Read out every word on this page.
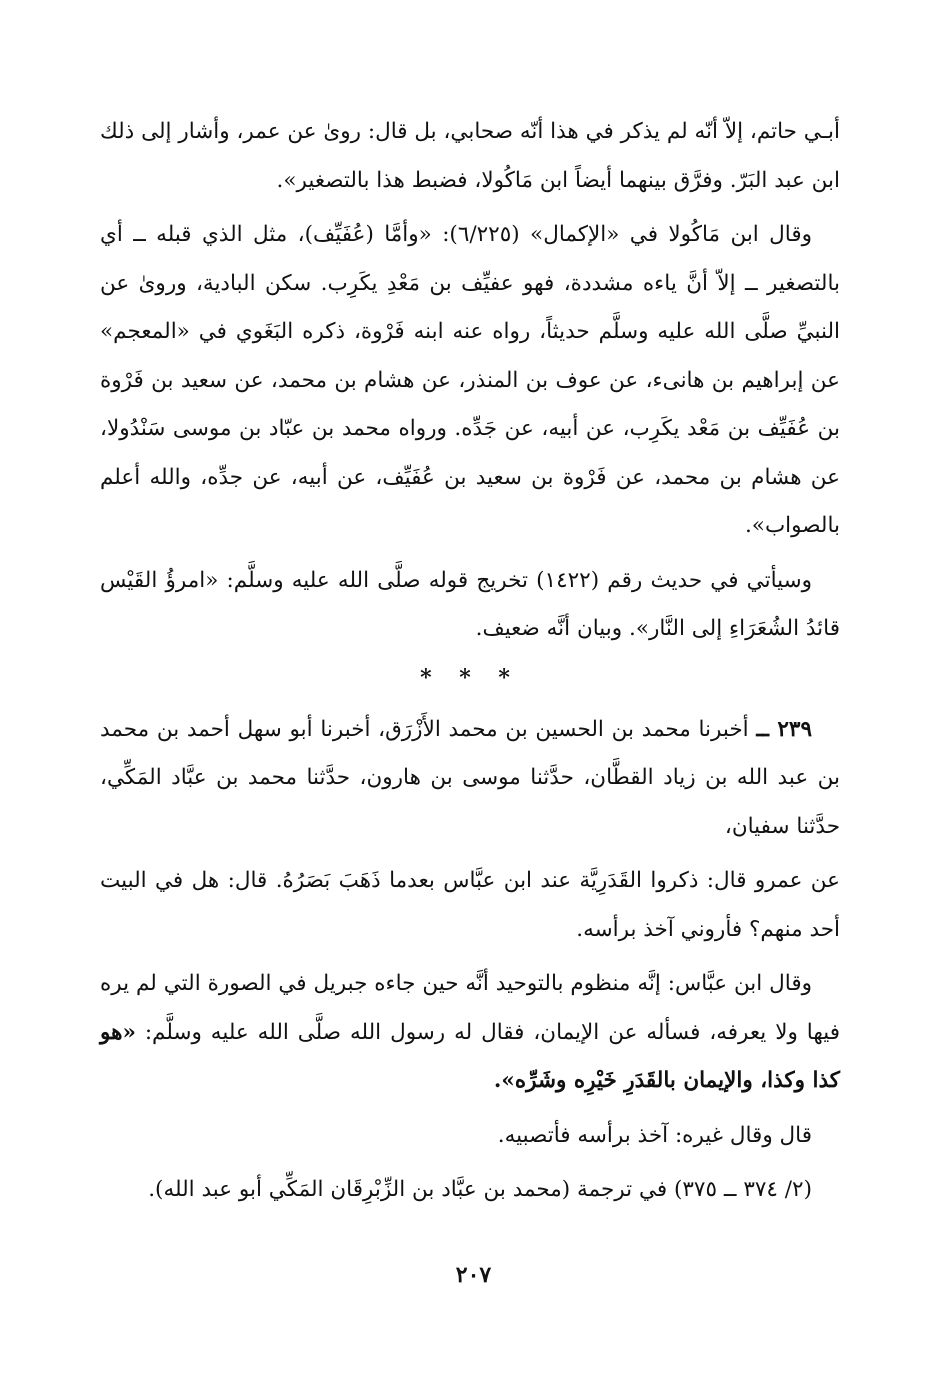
أبـي حاتم، إلاّ أنّه لم يذكر في هذا أنّه صحابي، بل قال: روىٰ عن عمر، وأشار إلى ذلك ابن عبد البَرّ. وفرَّق بينهما أيضاً ابن مَاكُولا، فضبط هذا بالتصغير».

وقال ابن مَاكُولا في «الإكمال» (٦/٢٢٥): «وأمَّا (عُفَيِّف)، مثل الذي قبله ــ أي بالتصغير ــ إلاّ أنَّ ياءه مشددة، فهو عفيِّف بن مَعْدِ يكَرِب. سكن البادية، وروىٰ عن النبيِّ صلَّى الله عليه وسلَّم حديثاً، رواه عنه ابنه فَرْوة، ذكره البَغَوي في «المعجم» عن إبراهيم بن هانىء، عن عوف بن المنذر، عن هشام بن محمد، عن سعيد بن فَرْوة بن عُفَيِّف بن مَعْد يكَرِب، عن أبيه، عن جَدِّه. ورواه محمد بن عبّاد بن موسى سَنْدُولا، عن هشام بن محمد، عن فَرْوة بن سعيد بن عُفَيِّف، عن أبيه، عن جدِّه، والله أعلم بالصواب».

وسيأتي في حديث رقم (١٤٢٢) تخريج قوله صلَّى الله عليه وسلَّم: «امرؤُ القَيْس قائدُ الشُعَرَاءِ إلى النَّار». وبيان أنَّه ضعيف.

* * *

٢٣٩ ــ أخبرنا محمد بن الحسين بن محمد الأَزْرَق، أخبرنا أبو سهل أحمد بن محمد بن عبد الله بن زياد القطَّان، حدَّثنا موسى بن هارون، حدَّثنا محمد بن عبَّاد المَكِّي، حدَّثنا سفيان،

عن عمرو قال: ذكروا القَدَرِيَّة عند ابن عبَّاس بعدما ذَهَبَ بَصَرُهُ. قال: هل في البيت أحد منهم؟ فأروني آخذ برأسه.

وقال ابن عبَّاس: إنَّه منظوم بالتوحيد أنَّه حين جاءه جبريل في الصورة التي لم يره فيها ولا يعرفه، فسأله عن الإيمان، فقال له رسول الله صلَّى الله عليه وسلَّم: «هو كذا وكذا، والإيمان بالقَدَرِ خَيْرِه وشَرِّه».

قال وقال غيره: آخذ برأسه فأتصبيه.

(٢/ ٣٧٤ ــ ٣٧٥) في ترجمة (محمد بن عبَّاد بن الزِّبْرِقَان المَكِّي أبو عبد الله).

٢٠٧
